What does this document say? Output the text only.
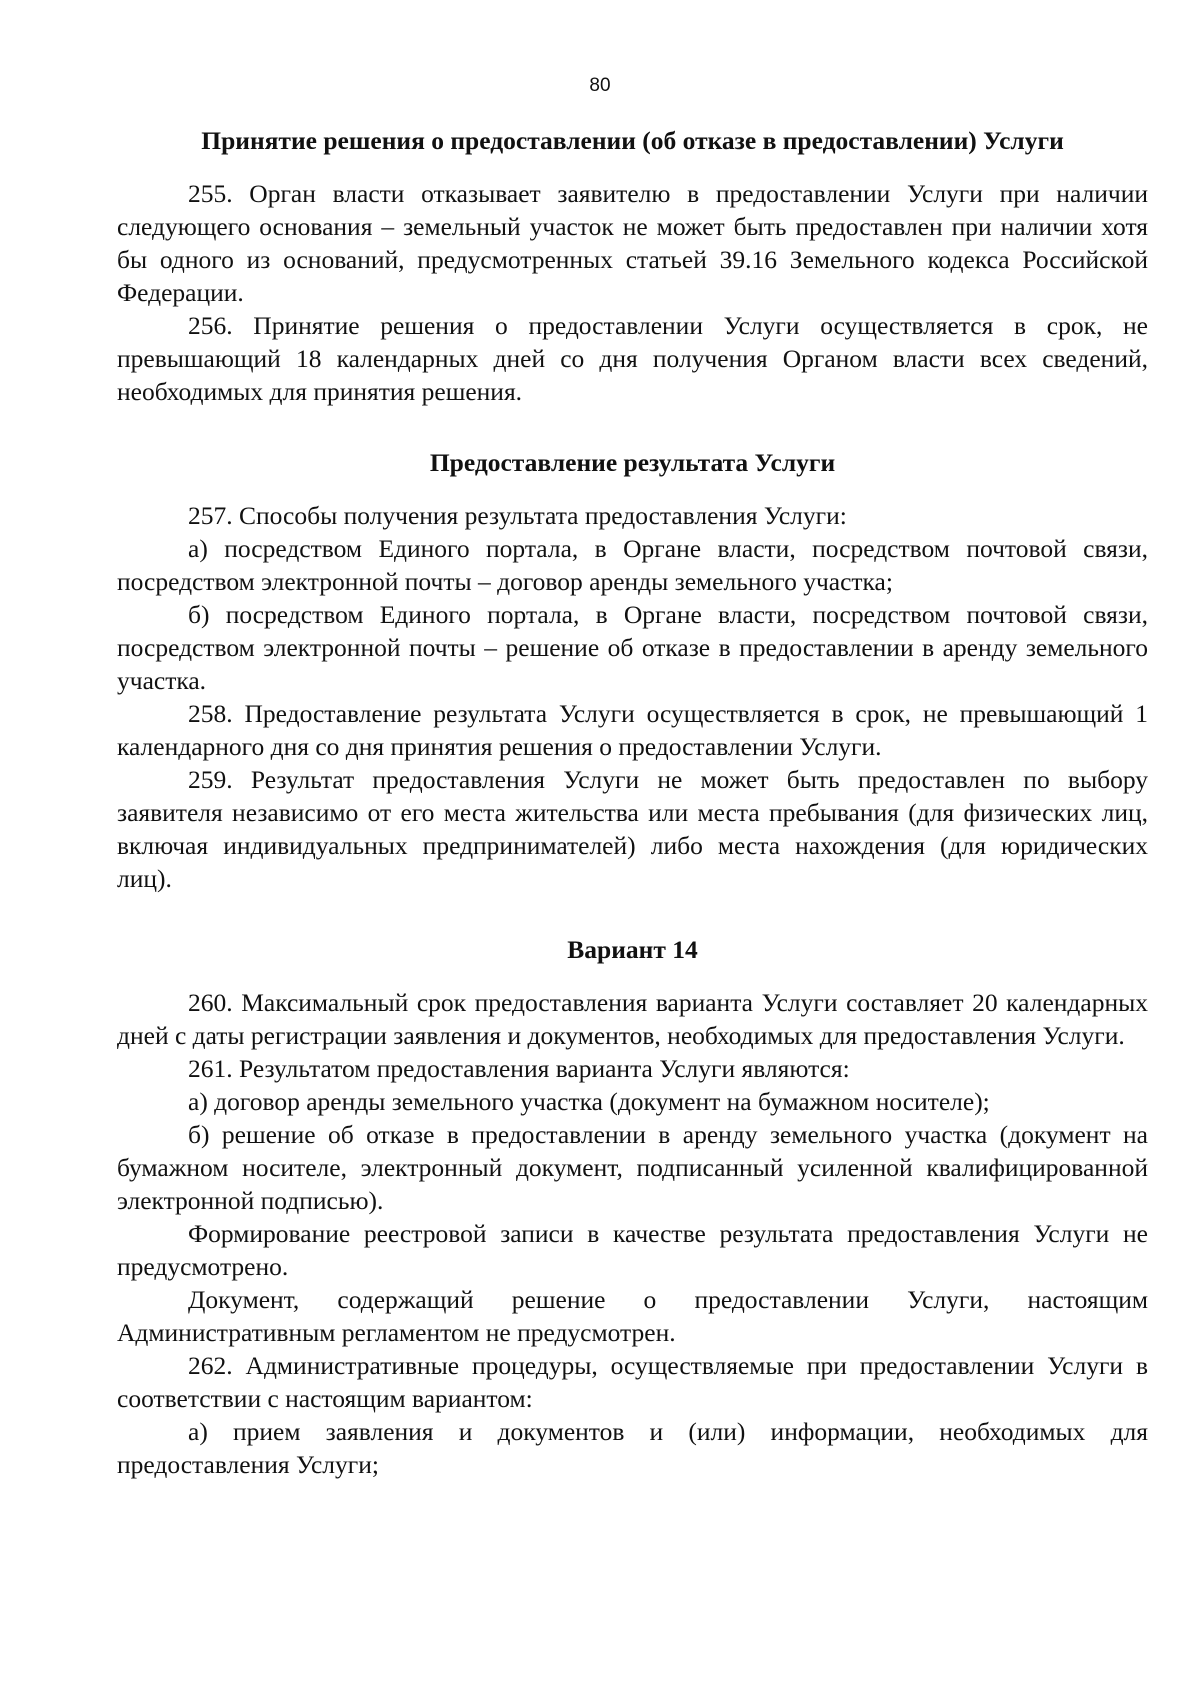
80
Принятие решения о предоставлении (об отказе в предоставлении) Услуги

255. Орган власти отказывает заявителю в предоставлении Услуги при наличии следующего основания – земельный участок не может быть предоставлен при наличии хотя бы одного из оснований, предусмотренных статьей 39.16 Земельного кодекса Российской Федерации.

256. Принятие решения о предоставлении Услуги осуществляется в срок, не превышающий 18 календарных дней со дня получения Органом власти всех сведений, необходимых для принятия решения.

Предоставление результата Услуги

257. Способы получения результата предоставления Услуги:

а) посредством Единого портала, в Органе власти, посредством почтовой связи, посредством электронной почты – договор аренды земельного участка;

б) посредством Единого портала, в Органе власти, посредством почтовой связи, посредством электронной почты – решение об отказе в предоставлении в аренду земельного участка.

258. Предоставление результата Услуги осуществляется в срок, не превышающий 1 календарного дня со дня принятия решения о предоставлении Услуги.

259. Результат предоставления Услуги не может быть предоставлен по выбору заявителя независимо от его места жительства или места пребывания (для физических лиц, включая индивидуальных предпринимателей) либо места нахождения (для юридических лиц).

Вариант 14

260. Максимальный срок предоставления варианта Услуги составляет 20 календарных дней с даты регистрации заявления и документов, необходимых для предоставления Услуги.

261. Результатом предоставления варианта Услуги являются:

а) договор аренды земельного участка (документ на бумажном носителе);

б) решение об отказе в предоставлении в аренду земельного участка (документ на бумажном носителе, электронный документ, подписанный усиленной квалифицированной электронной подписью).

Формирование реестровой записи в качестве результата предоставления Услуги не предусмотрено.

Документ, содержащий решение о предоставлении Услуги, настоящим Административным регламентом не предусмотрен.

262. Административные процедуры, осуществляемые при предоставлении Услуги в соответствии с настоящим вариантом:

а) прием заявления и документов и (или) информации, необходимых для предоставления Услуги;
